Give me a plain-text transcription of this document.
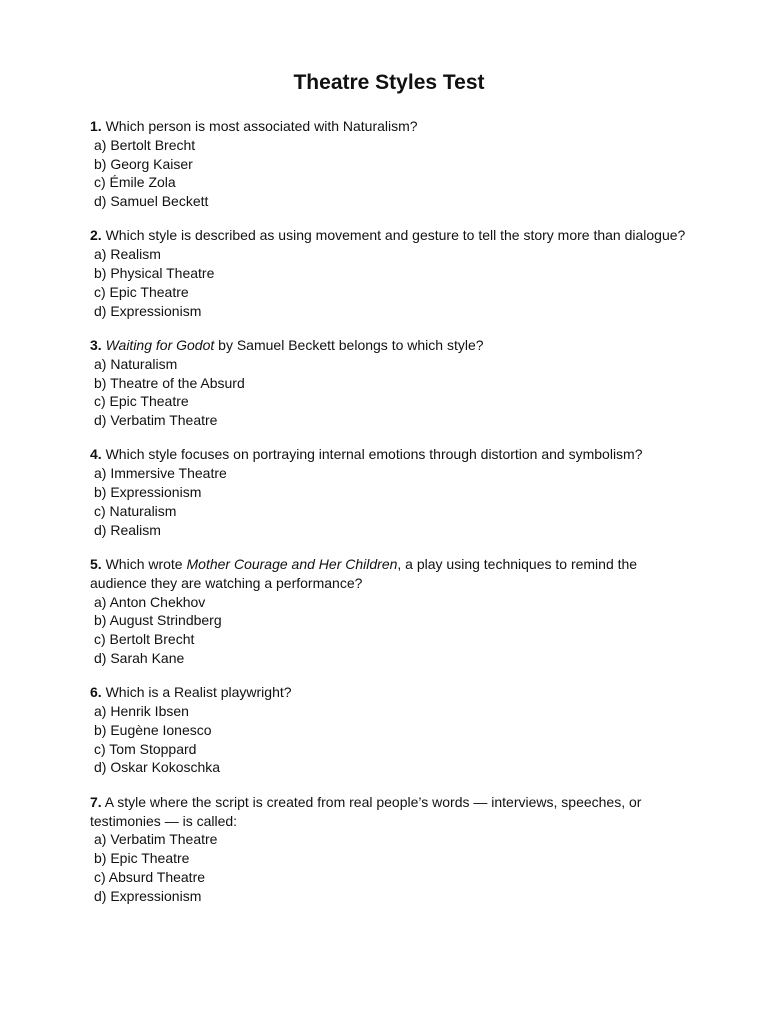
Theatre Styles Test

1. Which person is most associated with Naturalism?

a) Bertolt Brecht

b) Georg Kaiser

c) Émile Zola

d) Samuel Beckett

2. Which style is described as using movement and gesture to tell the story more than dialogue?

a) Realism

b) Physical Theatre

c) Epic Theatre

d) Expressionism

3. Waiting for Godot by Samuel Beckett belongs to which style?

a) Naturalism

b) Theatre of the Absurd

c) Epic Theatre

d) Verbatim Theatre

4. Which style focuses on portraying internal emotions through distortion and symbolism?

a) Immersive Theatre

b) Expressionism

c) Naturalism

d) Realism

5. Which wrote Mother Courage and Her Children, a play using techniques to remind the audience they are watching a performance?

a) Anton Chekhov

b) August Strindberg

c) Bertolt Brecht

d) Sarah Kane

6. Which is a Realist playwright?

a) Henrik Ibsen

b) Eugène Ionesco

c) Tom Stoppard

d) Oskar Kokoschka

7. A style where the script is created from real people’s words — interviews, speeches, or testimonies — is called:

a) Verbatim Theatre

b) Epic Theatre

c) Absurd Theatre

d) Expressionism
